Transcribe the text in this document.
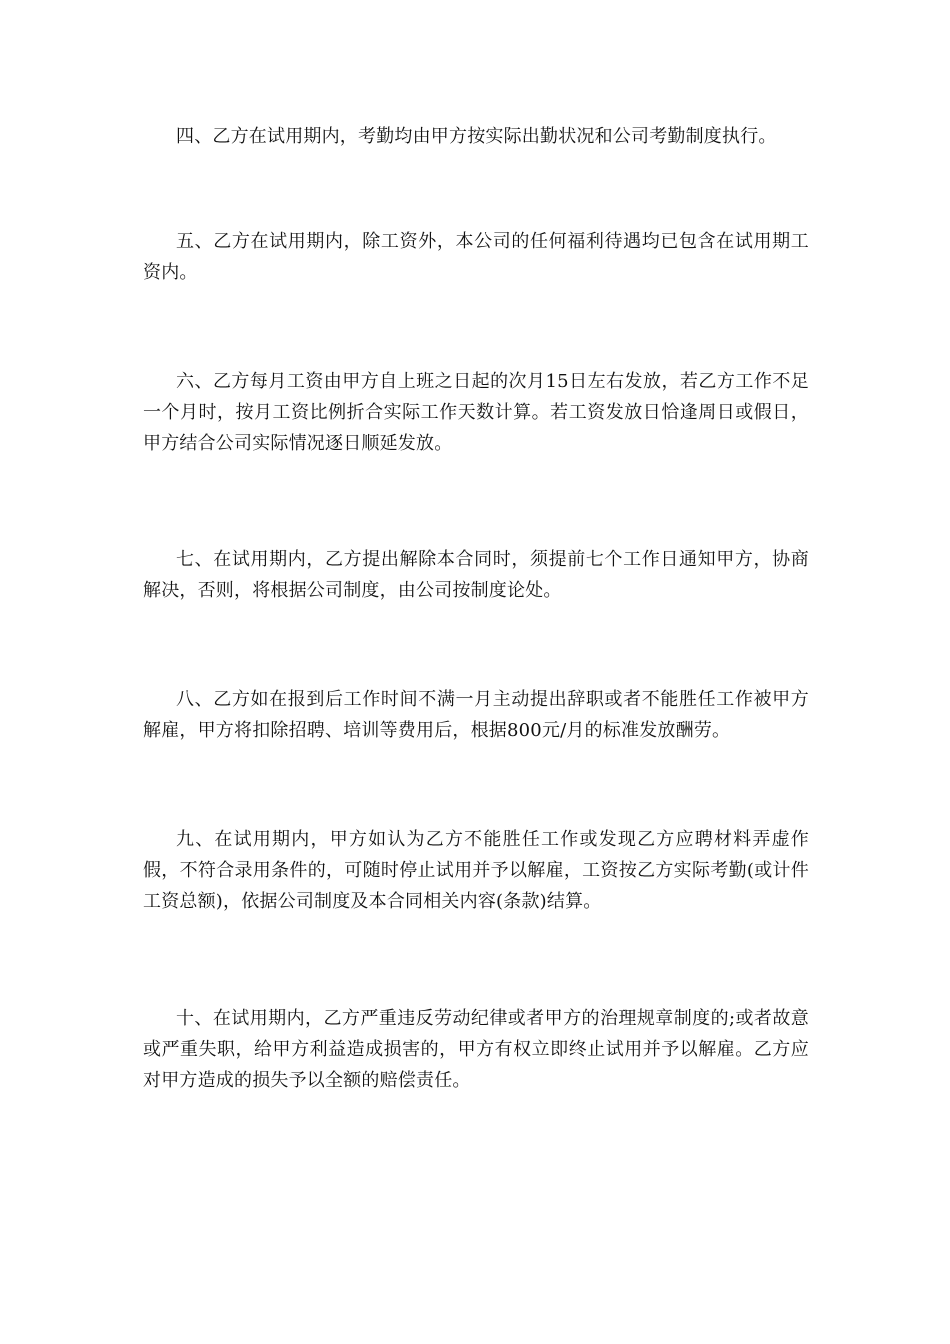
四、乙方在试用期内，考勤均由甲方按实际出勤状况和公司考勤制度执行。

五、乙方在试用期内，除工资外，本公司的任何福利待遇均已包含在试用期工资内。

六、乙方每月工资由甲方自上班之日起的次月15日左右发放，若乙方工作不足一个月时，按月工资比例折合实际工作天数计算。若工资发放日恰逢周日或假日，甲方结合公司实际情况逐日顺延发放。

七、在试用期内，乙方提出解除本合同时，须提前七个工作日通知甲方，协商解决，否则，将根据公司制度，由公司按制度论处。

八、乙方如在报到后工作时间不满一月主动提出辞职或者不能胜任工作被甲方解雇，甲方将扣除招聘、培训等费用后，根据800元/月的标准发放酬劳。

九、在试用期内，甲方如认为乙方不能胜任工作或发现乙方应聘材料弄虚作假，不符合录用条件的，可随时停止试用并予以解雇，工资按乙方实际考勤(或计件工资总额)，依据公司制度及本合同相关内容(条款)结算。

十、在试用期内，乙方严重违反劳动纪律或者甲方的治理规章制度的;或者故意或严重失职，给甲方利益造成损害的，甲方有权立即终止试用并予以解雇。乙方应对甲方造成的损失予以全额的赔偿责任。
